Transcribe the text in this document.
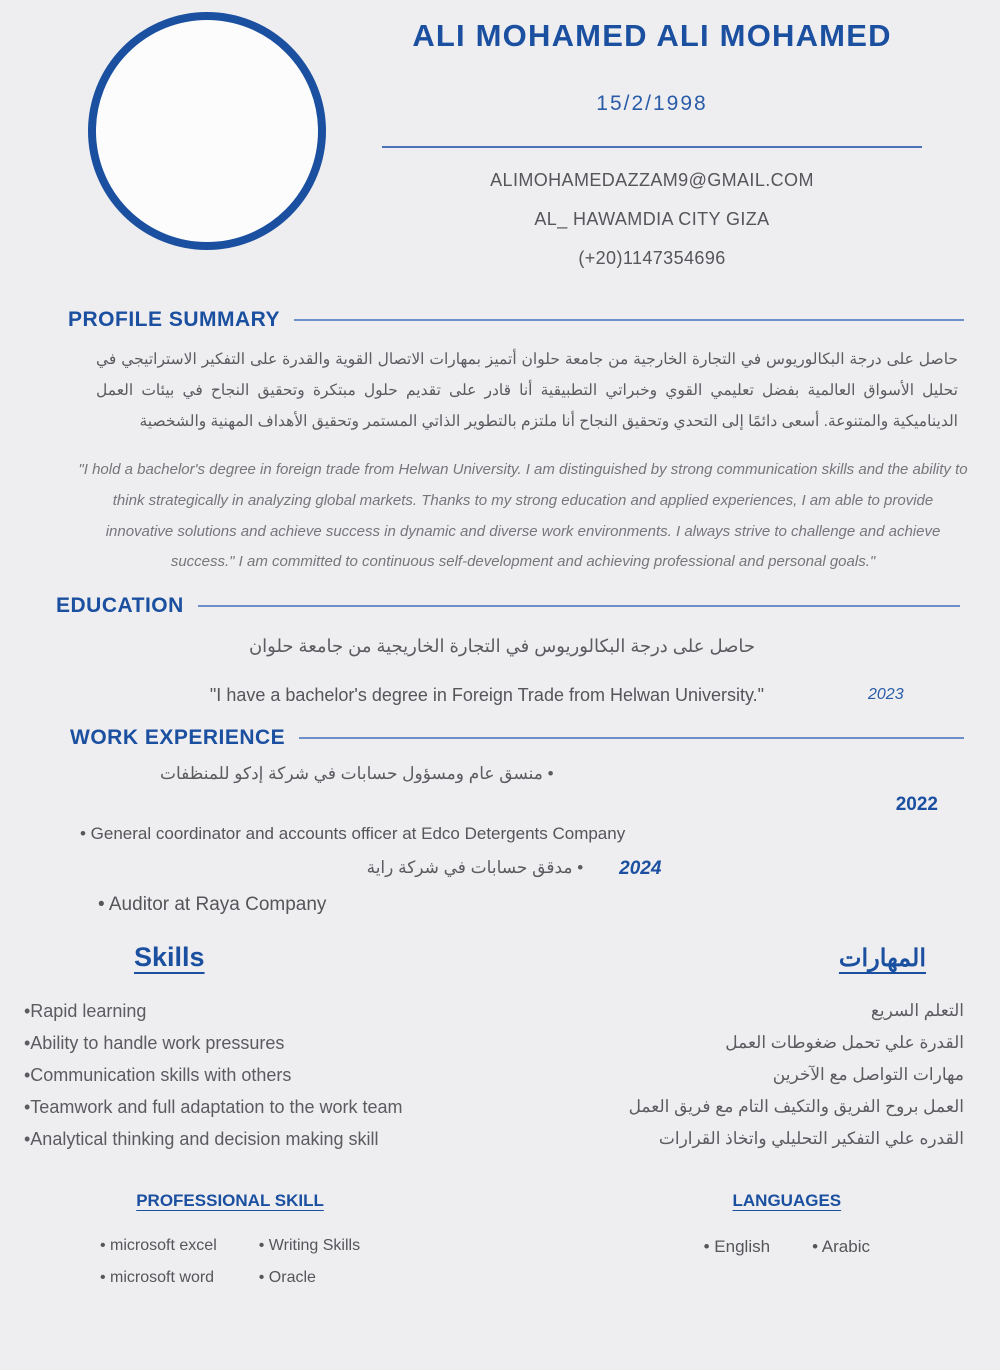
ALI MOHAMED ALI MOHAMED
15/2/1998
ALIMOHAMEDAZZAM9@GMAIL.COM
AL_ HAWAMDIA CITY GIZA
(+20)1147354696
PROFILE SUMMARY
حاصل على درجة البكالوريوس في التجارة الخارجية من جامعة حلوان أتميز بمهارات الاتصال القوية والقدرة على التفكير الاستراتيجي في تحليل الأسواق العالمية بفضل تعليمي القوي وخبراتي التطبيقية أنا قادر على تقديم حلول مبتكرة وتحقيق النجاح في بيئات العمل الديناميكية والمتنوعة. أسعى دائمًا إلى التحدي وتحقيق النجاح أنا ملتزم بالتطوير الذاتي المستمر وتحقيق الأهداف المهنية والشخصية
"I hold a bachelor's degree in foreign trade from Helwan University. I am distinguished by strong communication skills and the ability to think strategically in analyzing global markets. Thanks to my strong education and applied experiences, I am able to provide innovative solutions and achieve success in dynamic and diverse work environments. I always strive to challenge and achieve success." I am committed to continuous self-development and achieving professional and personal goals."
EDUCATION
حاصل على درجة البكالوريوس في التجارة الخاريجية من جامعة حلوان
"I have a bachelor's degree in Foreign Trade from Helwan University."	2023
WORK EXPERIENCE
• منسق عام ومسؤول حسابات في شركة إدكو للمنظفات
2022
• General coordinator and accounts officer at Edco Detergents Company
2024
• مدقق حسابات في شركة راية
• Auditor at Raya Company
Skills	المهارات
•Rapid learning
•Ability to handle work pressures
•Communication skills with others
•Teamwork and full adaptation to the work team
•Analytical thinking and decision making skill
التعلم السريع
القدرة علي تحمل ضغوطات العمل
مهارات التواصل مع الآخرين
العمل بروح الفريق والتكيف التام مع فريق العمل
القدره علي التفكير التحليلي واتخاذ القرارات
PROFESSIONAL SKILL
• microsoft excel
• microsoft word
• Writing Skills
• Oracle
LANGUAGES
• English • Arabic
